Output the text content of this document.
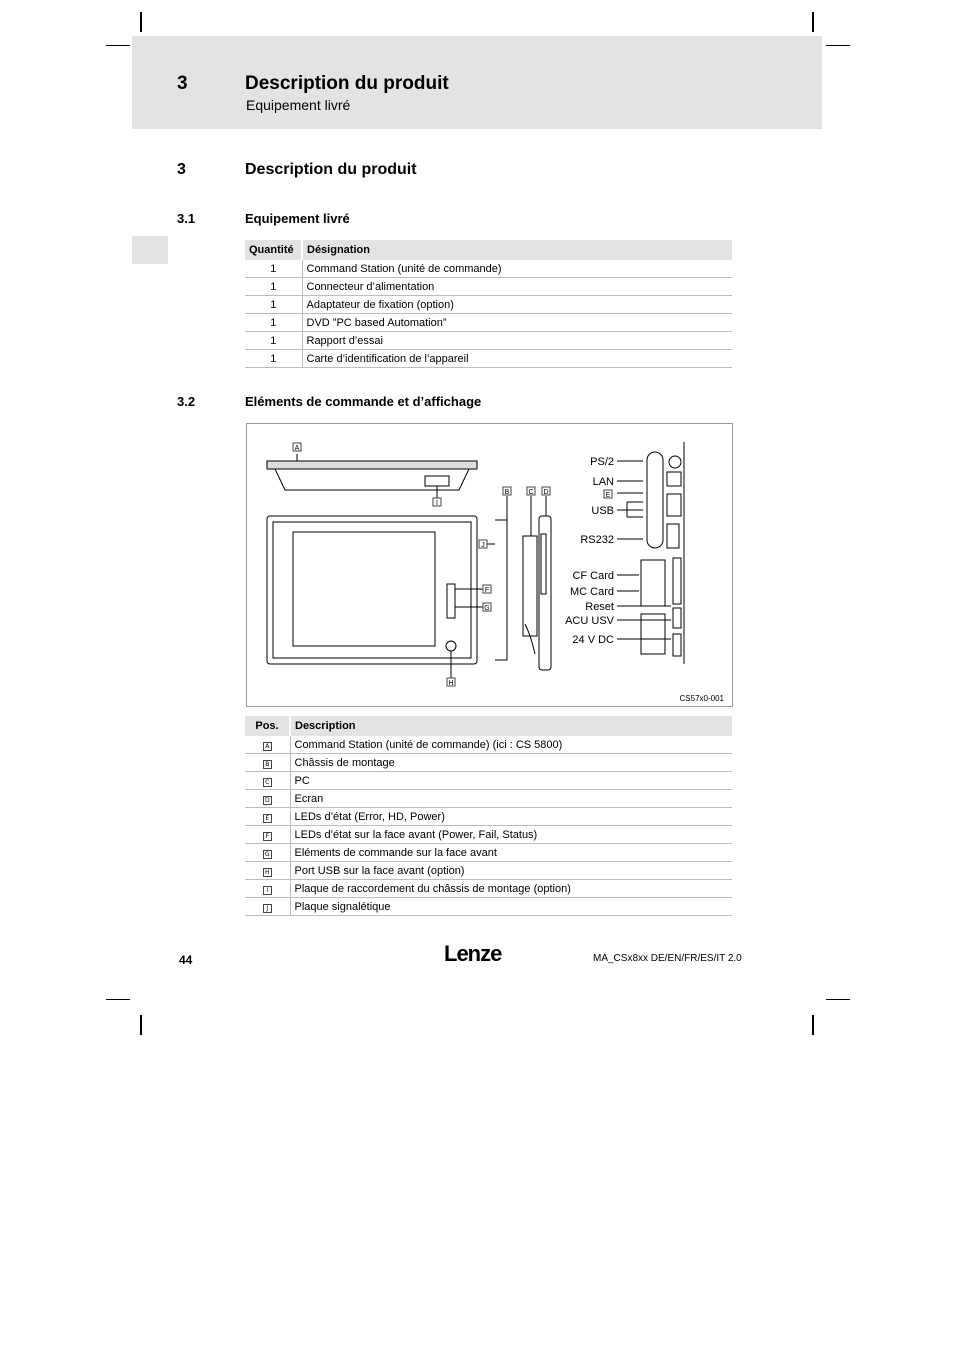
3	Description du produit
Equipement livré
3	Description du produit
3.1	Equipement livré
Quantité	Désignation
1	Command Station (unité de commande)
1	Connecteur d’alimentation
1	Adaptateur de fixation (option)
1	DVD ”PC based Automation”
1	Rapport d’essai
1	Carte d’identification de l’appareil
3.2	Eléments de commande et d’affichage
PS/2
LAN
USB
RS232
CF Card
MC Card
Reset
ACU USV
24 V DC
A
B	C D	E
F
G
H
I
J
CS57x0-001
Pos.	Description
A	Command Station (unité de commande) (ici : CS 5800)
B	Châssis de montage
C	PC
D	Ecran
E	LEDs d’état (Error, HD, Power)
F	LEDs d’état sur la face avant (Power, Fail, Status)
G	Eléments de commande sur la face avant
H	Port USB sur la face avant (option)
I	Plaque de raccordement du châssis de montage (option)
J	Plaque signalétique
44	Lenze	MA_CSx8xx DE/EN/FR/ES/IT 2.0
